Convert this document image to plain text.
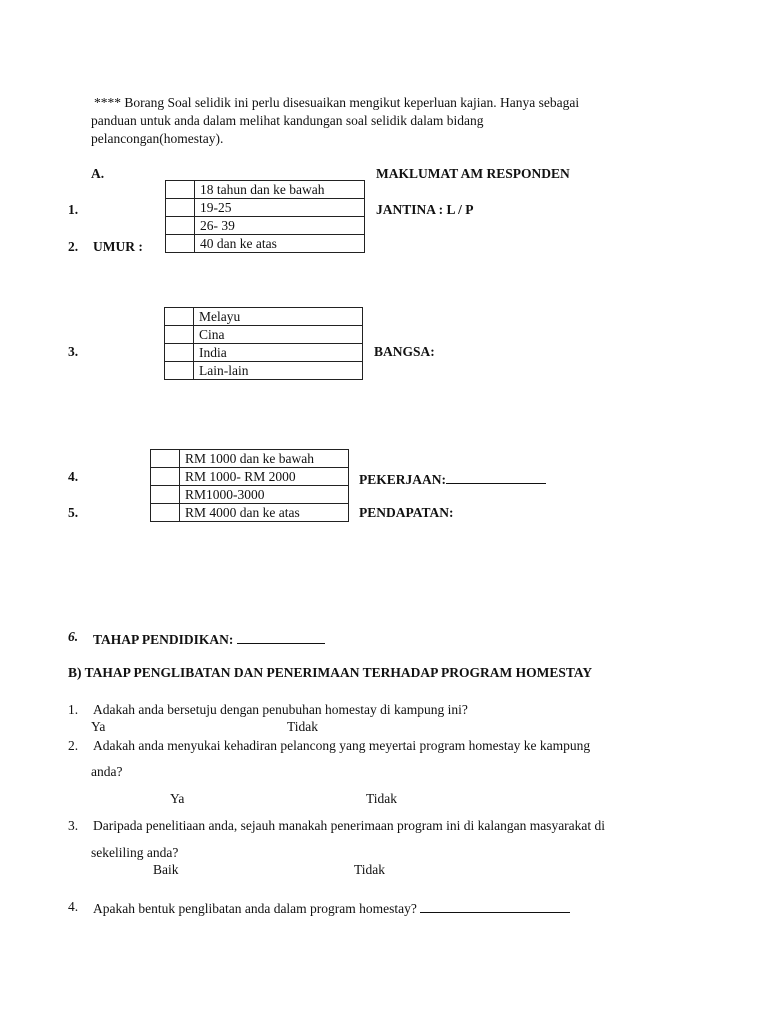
**** Borang Soal selidik ini perlu disesuaikan mengikut keperluan kajian. Hanya sebagai

panduan untuk anda dalam melihat kandungan soal selidik dalam bidang

pelancongan(homestay).

A.	MAKLUMAT AM RESPONDEN
	18 tahun dan ke bawah
	19-25
	26- 39
	40 dan ke atas
1.	JANTINA : L / P
2. UMUR :
	Melayu
	Cina
	India
	Lain-lain
3.	BANGSA:
	RM 1000 dan ke bawah
	RM 1000- RM 2000
	RM1000-3000
	RM 4000 dan ke atas
4.	PEKERJAAN:
5.	PENDAPATAN:
6. TAHAP PENDIDIKAN:
B) TAHAP PENGLIBATAN DAN PENERIMAAN TERHADAP PROGRAM HOMESTAY
1. Adakah anda bersetuju dengan penubuhan homestay di kampung ini?
Ya	Tidak
2. Adakah anda menyukai kehadiran pelancong yang meyertai program homestay ke kampung
anda?
Ya	Tidak
3. Daripada penelitiaan anda, sejauh manakah penerimaan program ini di kalangan masyarakat di
sekeliling anda?
Baik	Tidak
4. Apakah bentuk penglibatan anda dalam program homestay?
